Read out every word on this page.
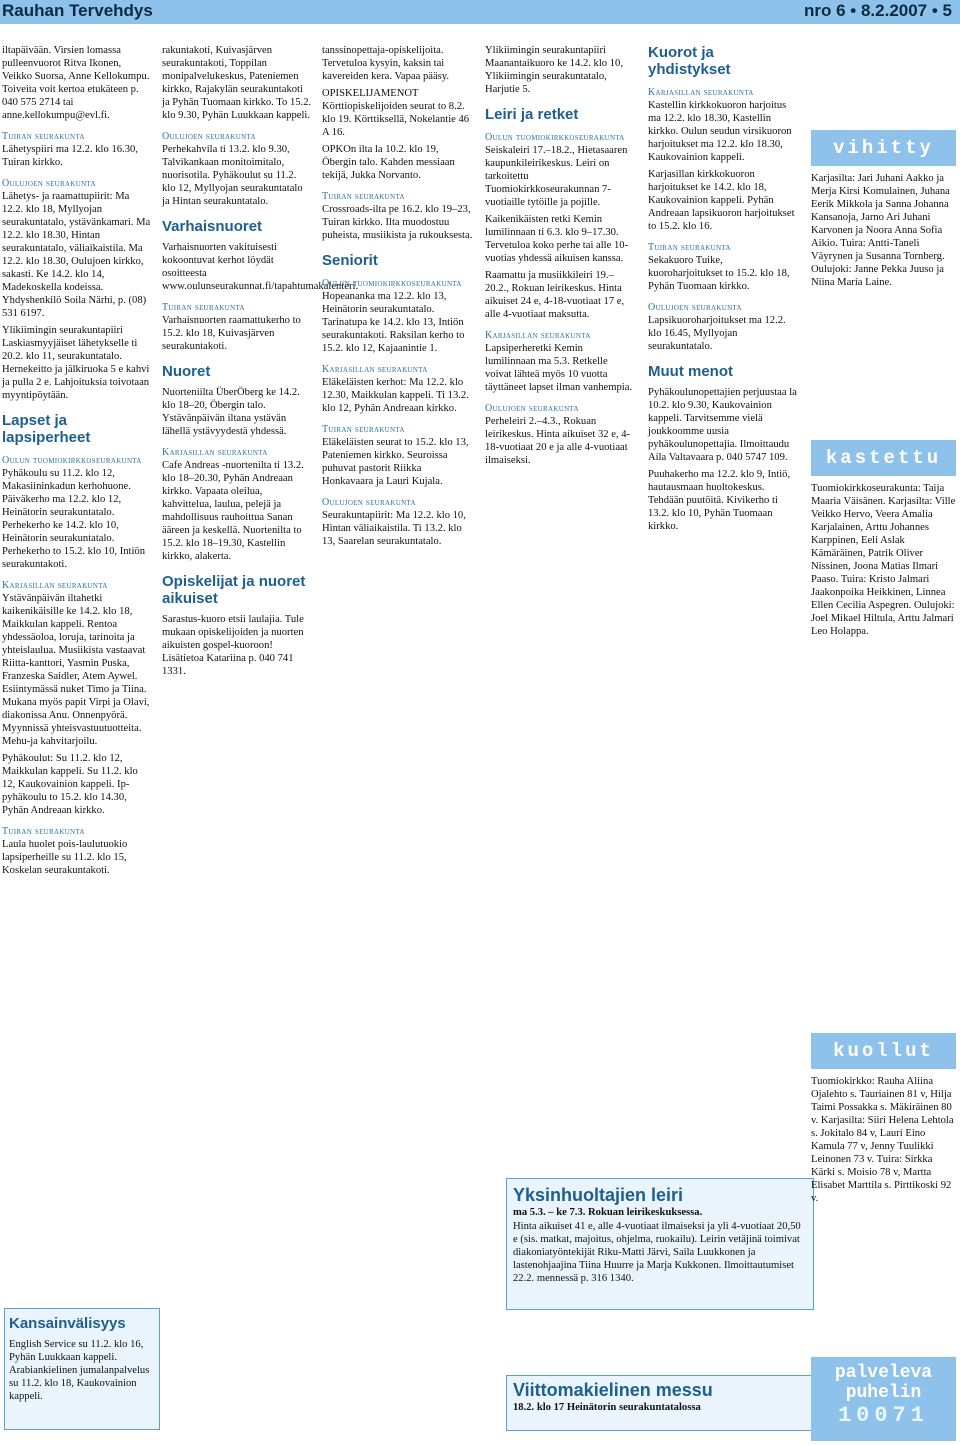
Rauhan Tervehdys	nro 6 • 8.2.2007 • 5

iltapäivään. Virsien lomassa pulleenvuorot Ritva Ikonen, Veikko Suorsa, Anne Kellokumpu. Toiveita voit kertoa etukäteen p. 040 575 2714 tai anne.kellokumpu@evl.fi.

Tuiran seurakunta

Lähetyspiiri ma 12.2. klo 16.30, Tuiran kirkko.

Oulujoen seurakunta

Lähetys- ja raamattupiirit: Ma 12.2. klo 18, Myllyojan seurakuntatalo, ystävänkamari. Ma 12.2. klo 18.30, Hintan seurakuntatalo, väliaikaistila. Ma 12.2. klo 18.30, Oulujoen kirkko, sakasti. Ke 14.2. klo 14, Madekoskella kodeissa. Yhdyshenkilö Soila Närhi, p. (08) 531 6197.

Ylikiimingin seurakuntapiiri Laskiasmyyjäiset lähetykselle ti 20.2. klo 11, seurakuntatalo. Hernekeitto ja jälkiruoka 5 e kahvi ja pulla 2 e. Lahjoituksia toivotaan myyntipöytään.

Lapset ja lapsiperheet
Oulun tuomiokirkkoseurakunta

Pyhäkoulu su 11.2. klo 12, Makasiininkadun kerhohuone. Päiväkerho ma 12.2. klo 12, Heinätorin seurakuntatalo. Perhekerho ke 14.2. klo 10, Heinätorin seurakuntatalo. Perhekerho to 15.2. klo 10, Intiön seurakuntakoti.

Karjasillan seurakunta

Ystävänpäivän iltahetki kaikenikäisille ke 14.2. klo 18, Maikkulan kappeli. Rentoa yhdessäoloa, loruja, tarinoita ja yhteislaulua. Musiikista vastaavat Riitta-kanttori, Yasmin Puska, Franzeska Saidler, Atem Aywel. Esiintymässä nuket Timo ja Tiina. Mukana myös papit Virpi ja Olavi, diakonissa Anu. Onnenpyörä. Myynnissä yhteisvastuutuotteita. Mehu-ja kahvitarjoilu.

Pyhäkoulut: Su 11.2. klo 12, Maikkulan kappeli. Su 11.2. klo 12, Kaukovainion kappeli. Ip-pyhäkoulu to 15.2. klo 14.30, Pyhän Andreaan kirkko.

Tuiran seurakunta

Laula huolet pois-laulutuokio lapsiperheille su 11.2. klo 15, Koskelan seurakuntakoti.

Kansainvälisyys

English Service su 11.2. klo 16, Pyhän Luukkaan kappeli. Arabiankielinen jumalanpalvelus su 11.2. klo 18, Kaukovainion kappeli.

rakuntakoti, Kuivasjärven seurakuntakoti, Toppilan monipalvelukeskus, Pateniemen kirkko, Rajakylän seurakuntakoti ja Pyhän Tuomaan kirkko. To 15.2. klo 9.30, Pyhän Luukkaan kappeli.

Oulujoen seurakunta

Perhekahvila ti 13.2. klo 9.30, Talvikankaan monitoimitalo, nuorisotila. Pyhäkoulut su 11.2. klo 12, Myllyojan seurakuntatalo ja Hintan seurakuntatalo.

Varhaisnuoret

Varhaisnuorten vakituisesti kokoontuvat kerhot löydät osoitteesta www.oulunseurakunnat.fi/tapahtumakalenteri.

Tuiran seurakunta

Varhaisnuorten raamattukerho to 15.2. klo 18, Kuivasjärven seurakuntakoti.

Nuoret

Nuorteniilta ÜberÖberg ke 14.2. klo 18–20, Öbergin talo. Ystävänpäivän iltana ystävän lähellä ystävyydestä yhdessä.

Karjasillan seurakunta

Cafe Andreas -nuortenilta ti 13.2. klo 18–20.30, Pyhän Andreaan kirkko. Vapaata oleilua, kahvittelua, laulua, pelejä ja mahdollisuus rauhoittua Sanan ääreen ja keskellä. Nuortenilta to 15.2. klo 18–19.30, Kastellin kirkko, alakerta.

Opiskelijat ja nuoret aikuiset

Sarastus-kuoro etsii laulajia. Tule mukaan opiskelijoiden ja nuorten aikuisten gospel-kuoroon! Lisätietoa Katariina p. 040 741 1331.

tanssinopettaja-opiskelijoita. Tervetuloa kysyin, kaksin tai kavereiden kera. Vapaa pääsy.

OPISKELIJAMENOT Körttiopiskelijoiden seurat to 8.2. klo 19. Körttiksellä, Nokelantie 46 A 16.

OPKOn ilta la 10.2. klo 19, Öbergin talo. Kahden messiaan tekijä, Jukka Norvanto.

Tuiran seurakunta

Crossroads-ilta pe 16.2. klo 19–23, Tuiran kirkko. Ilta muodostuu puheista, musiikista ja rukouksesta.

Seniorit
Oulun tuomiokirkkoseurakunta

Hopeananka ma 12.2. klo 13, Heinätorin seurakuntatalo. Tarinatupa ke 14.2. klo 13, Intiön seurakuntakoti. Raksilan kerho to 15.2. klo 12, Kajaanintie 1.

Karjasillan seurakunta

Eläkeläisten kerhot: Ma 12.2. klo 12.30, Maikkulan kappeli. Ti 13.2. klo 12, Pyhän Andreaan kirkko.

Tuiran seurakunta

Eläkeläisten seurat to 15.2. klo 13, Pateniemen kirkko. Seuroissa puhuvat pastorit Riikka Honkavaara ja Lauri Kujala.

Oulujoen seurakunta

Seurakuntapiirit: Ma 12.2. klo 10, Hintan väliaikaistila. Ti 13.2. klo 13, Saarelan seurakuntatalo.

Ylikiimingin seurakuntapiiri Maanantaikuoro ke 14.2. klo 10, Ylikiimingin seurakuntatalo, Harjutie 5.

Leiri ja retket
Oulun tuomiokirkkoseurakunta

Seiskaleiri 17.–18.2., Hietasaaren kaupunkileirikeskus. Leiri on tarkoitettu Tuomiokirkkoseurakunnan 7-vuotiaille tytöille ja pojille.

Kaikenikäisten retki Kemin lumilinnaan ti 6.3. klo 9–17.30. Tervetuloa koko perhe tai alle 10-vuotias yhdessä aikuisen kanssa.

Raamattu ja musiikkileiri 19.–20.2., Rokuan leirikeskus. Hinta aikuiset 24 e, 4-18-vuotiaat 17 e, alle 4-vuotiaat maksutta.

Karjasillan seurakunta

Lapsiperheretki Kemin lumilinnaan ma 5.3. Retkelle voivat lähteä myös 10 vuotta täyttäneet lapset ilman vanhempia.

Oulujoen seurakunta

Perheleiri 2.–4.3., Rokuan leirikeskus. Hinta aikuiset 32 e, 4-18-vuotiaat 20 e ja alle 4-vuotiaat ilmaiseksi.

Kuorot ja yhdistykset
Karjasillan seurakunta

Kastellin kirkkokuoron harjoitus ma 12.2. klo 18.30, Kastellin kirkko. Oulun seudun virsikuoron harjoitukset ma 12.2. klo 18.30, Kaukovainion kappeli.

Karjasillan kirkkokuoron harjoitukset ke 14.2. klo 18, Kaukovainion kappeli. Pyhän Andreaan lapsikuoron harjoitukset to 15.2. klo 16.

Tuiran seurakunta

Sekakuoro Tuike, kuoroharjoitukset to 15.2. klo 18, Pyhän Tuomaan kirkko.

Oulujoen seurakunta

Lapsikuoroharjoitukset ma 12.2. klo 16.45, Myllyojan seurakuntatalo.

Muut menot

Pyhäkoulunopettajien perjuustaa la 10.2. klo 9.30, Kaukovainion kappeli. Tarvitsemme vielä joukkoomme uusia pyhäkoulunopettajia. Ilmoittaudu Aila Valtavaara p. 040 5747 109.

Puuhakerho ma 12.2. klo 9, Intiö, hautausmaan huoltokeskus. Tehdään puutöitä. Kivikerho ti 13.2. klo 10, Pyhän Tuomaan kirkko.

Yksinhuoltajien leiri

ma 5.3. – ke 7.3. Rokuan leirikeskuksessa.

Hinta aikuiset 41 e, alle 4-vuotiaat ilmaiseksi ja yli 4-vuotiaat 20,50 e (sis. matkat, majoitus, ohjelma, ruokailu). Leirin vetäjinä toimivat diakoniatyöntekijät Riku-Matti Järvi, Saila Luukkonen ja lastenohjaajina Tiina Huurre ja Marja Kukkonen. Ilmoittautumiset 22.2. mennessä p. 316 1340.

Viittomakielinen messu

18.2. klo 17 Heinätorin seurakuntatalossa

vihitty
Karjasilta: Jari Juhani Aakko ja Merja Kirsi Komulainen, Juhana Eerik Mikkola ja Sanna Johanna Kansanoja, Jarno Ari Juhani Karvonen ja Noora Anna Sofia Aikio. Tuira: Antti-Taneli Väyrynen ja Susanna Tornberg. Oulujoki: Janne Pekka Juuso ja Niina Maria Laine.
kastettu
Tuomiokirkkoseurakunta: Taija Maaria Väisänen. Karjasilta: Ville Veikko Hervo, Veera Amalia Karjalainen, Arttu Johannes Karppinen, Eeli Aslak Kämäräinen, Patrik Oliver Nissinen, Joona Matias Ilmari Paaso. Tuira: Kristo Jalmari Jaakonpoika Heikkinen, Linnea Ellen Cecilia Aspegren. Oulujoki: Joel Mikael Hiltula, Arttu Jalmari Leo Holappa.
kuollut
Tuomiokirkko: Rauha Aliina Ojalehto s. Tauriainen 81 v, Hilja Taimi Possakka s. Mäkiräinen 80 v. Karjasilta: Siiri Helena Lehtola s. Jokitalo 84 v, Lauri Eino Kamula 77 v, Jenny Tuulikki Leinonen 73 v. Tuira: Sirkka Kärki s. Moisio 78 v, Martta Elisabet Marttila s. Pirttikoski 92 v.
palveleva
puhelin
10071
